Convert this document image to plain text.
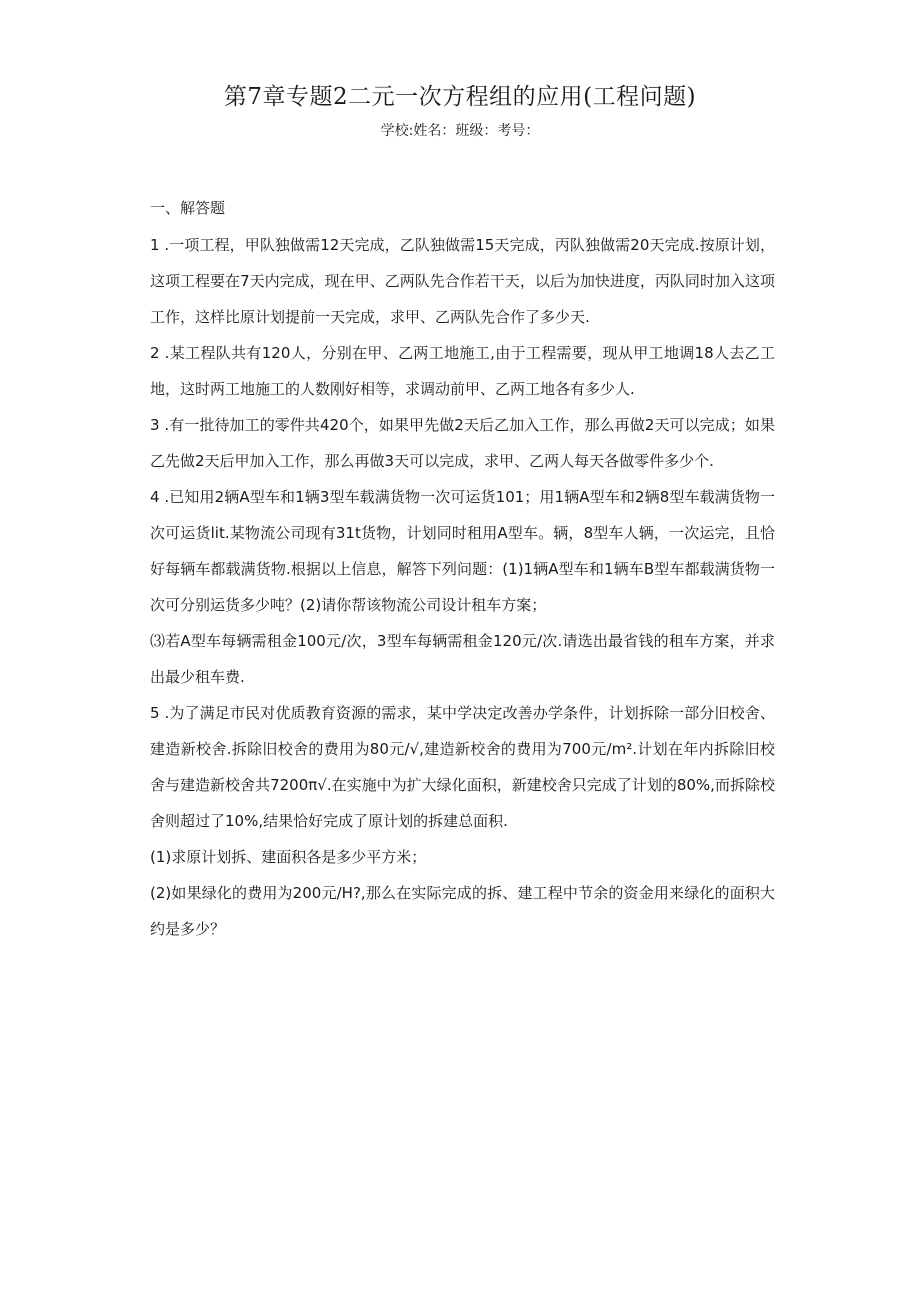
第7章专题2二元一次方程组的应用(工程问题)
学校:姓名：班级：考号：
一、解答题

1 .一项工程，甲队独做需12天完成，乙队独做需15天完成，丙队独做需20天完成.按原计划，这项工程要在7天内完成，现在甲、乙两队先合作若干天，以后为加快进度，丙队同时加入这项工作，这样比原计划提前一天完成，求甲、乙两队先合作了多少天.

2 .某工程队共有120人，分别在甲、乙两工地施工,由于工程需要，现从甲工地调18人去乙工地，这时两工地施工的人数刚好相等，求调动前甲、乙两工地各有多少人.

3 .有一批待加工的零件共420个，如果甲先做2天后乙加入工作，那么再做2天可以完成；如果乙先做2天后甲加入工作，那么再做3天可以完成，求甲、乙两人每天各做零件多少个.

4 .已知用2辆A型车和1辆3型车载满货物一次可运货101；用1辆A型车和2辆8型车载满货物一次可运货lit.某物流公司现有31t货物，计划同时租用A型车。辆，8型车人辆，一次运完，且恰好每辆车都载满货物.根据以上信息，解答下列问题：(1)1辆A型车和1辆车B型车都载满货物一次可分别运货多少吨？(2)请你帮该物流公司设计租车方案；

⑶若A型车每辆需租金100元/次，3型车每辆需租金120元/次.请选出最省钱的租车方案，并求出最少租车费.

5 .为了满足市民对优质教育资源的需求，某中学决定改善办学条件，计划拆除一部分旧校舍、建造新校舍.拆除旧校舍的费用为80元/√,建造新校舍的费用为700元/m².计划在年内拆除旧校舍与建造新校舍共7200π√.在实施中为扩大绿化面积，新建校舍只完成了计划的80%,而拆除校舍则超过了10%,结果恰好完成了原计划的拆建总面积.

(1)求原计划拆、建面积各是多少平方米；

(2)如果绿化的费用为200元/H?,那么在实际完成的拆、建工程中节余的资金用来绿化的面积大约是多少？
